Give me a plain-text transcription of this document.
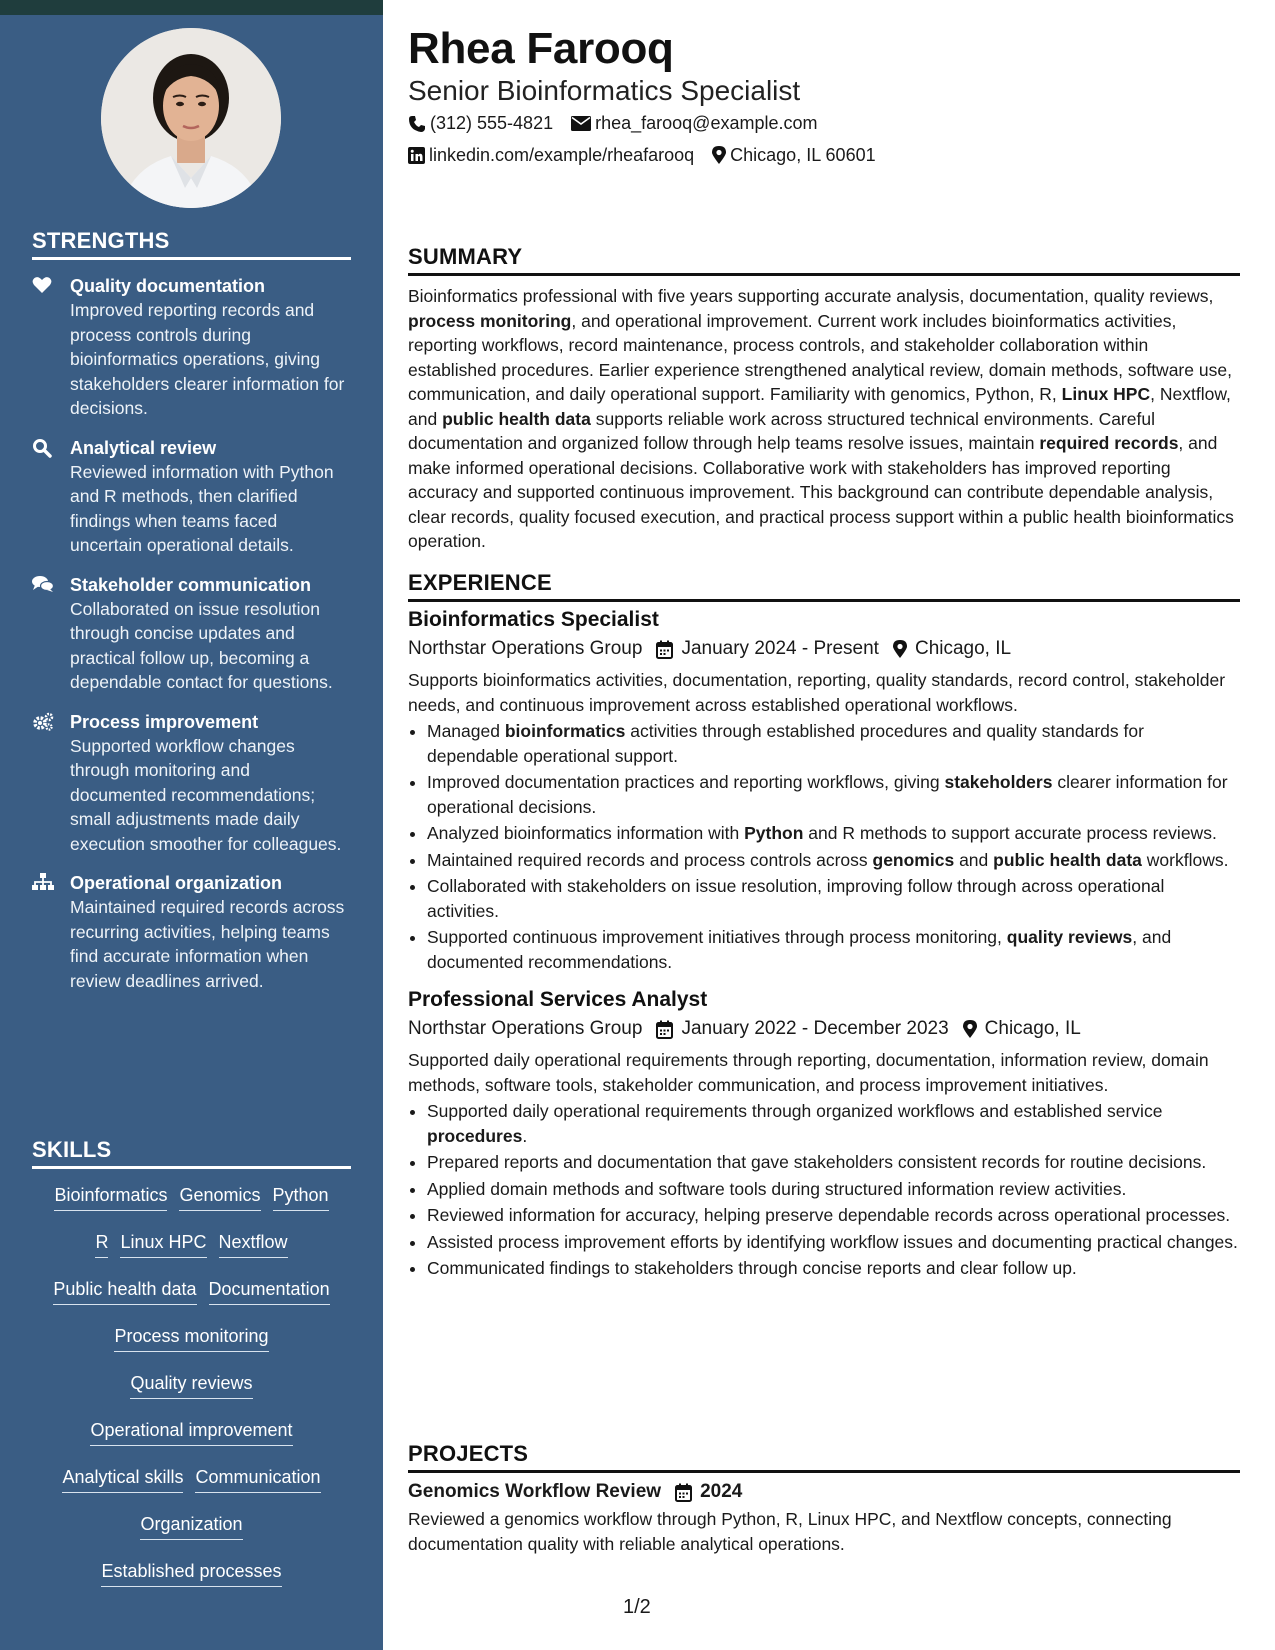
STRENGTHS
Quality documentation
Improved reporting records and process controls during bioinformatics operations, giving stakeholders clearer information for decisions.
Analytical review
Reviewed information with Python and R methods, then clarified findings when teams faced uncertain operational details.
Stakeholder communication
Collaborated on issue resolution through concise updates and practical follow up, becoming a dependable contact for questions.
Process improvement
Supported workflow changes through monitoring and documented recommendations; small adjustments made daily execution smoother for colleagues.
Operational organization
Maintained required records across recurring activities, helping teams find accurate information when review deadlines arrived.
SKILLS
Bioinformatics Genomics Python
R Linux HPC Nextflow
Public health data Documentation
Process monitoring
Quality reviews
Operational improvement
Analytical skills Communication
Organization
Established processes
Rhea Farooq
Senior Bioinformatics Specialist
(312) 555-4821 rhea_farooq@example.com
linkedin.com/example/rheafarooq Chicago, IL 60601
SUMMARY

Bioinformatics professional with five years supporting accurate analysis, documentation, quality reviews, process monitoring, and operational improvement. Current work includes bioinformatics activities, reporting workflows, record maintenance, process controls, and stakeholder collaboration within established procedures. Earlier experience strengthened analytical review, domain methods, software use, communication, and daily operational support. Familiarity with genomics, Python, R, Linux HPC, Nextflow, and public health data supports reliable work across structured technical environments. Careful documentation and organized follow through help teams resolve issues, maintain required records, and make informed operational decisions. Collaborative work with stakeholders has improved reporting accuracy and supported continuous improvement. This background can contribute dependable analysis, clear records, quality focused execution, and practical process support within a public health bioinformatics operation.

EXPERIENCE
Bioinformatics Specialist
Northstar Operations Group January 2024 - Present Chicago, IL

Supports bioinformatics activities, documentation, reporting, quality standards, record control, stakeholder needs, and continuous improvement across established operational workflows.

• Managed bioinformatics activities through established procedures and quality standards for dependable operational support.
• Improved documentation practices and reporting workflows, giving stakeholders clearer information for operational decisions.
• Analyzed bioinformatics information with Python and R methods to support accurate process reviews.
• Maintained required records and process controls across genomics and public health data workflows.
• Collaborated with stakeholders on issue resolution, improving follow through across operational activities.
• Supported continuous improvement initiatives through process monitoring, quality reviews, and documented recommendations.
Professional Services Analyst
Northstar Operations Group January 2022 - December 2023 Chicago, IL

Supported daily operational requirements through reporting, documentation, information review, domain methods, software tools, stakeholder communication, and process improvement initiatives.

• Supported daily operational requirements through organized workflows and established service procedures.
• Prepared reports and documentation that gave stakeholders consistent records for routine decisions.
• Applied domain methods and software tools during structured information review activities.
• Reviewed information for accuracy, helping preserve dependable records across operational processes.
• Assisted process improvement efforts by identifying workflow issues and documenting practical changes.
• Communicated findings to stakeholders through concise reports and clear follow up.
PROJECTS
Genomics Workflow Review 2024

Reviewed a genomics workflow through Python, R, Linux HPC, and Nextflow concepts, connecting documentation quality with reliable analytical operations.

1/2
